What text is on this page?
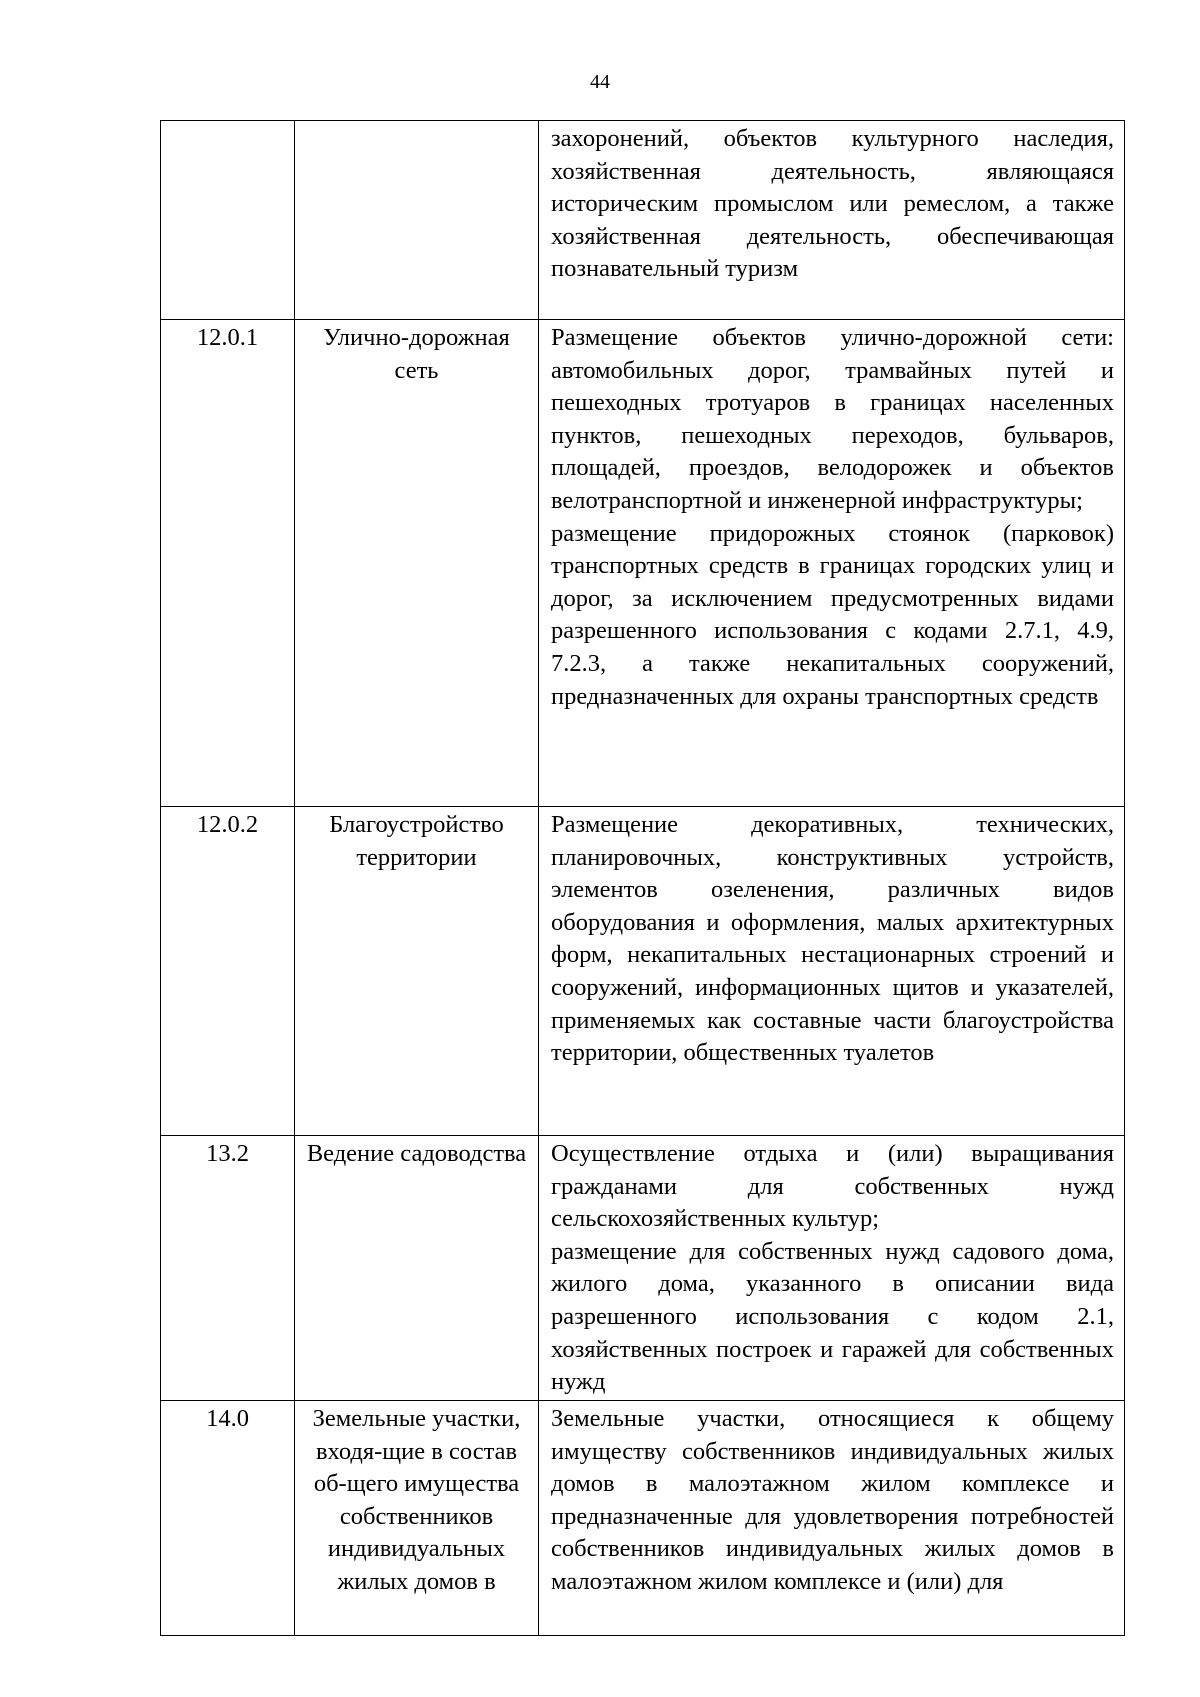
44

		захоронений, объектов культурного наследия, хозяйственная деятельность, являющаяся историческим промыслом или ремеслом, а также хозяйственная деятельность, обеспечивающая познавательный туризм

12.0.1	Улично-дорожная сеть	Размещение объектов улично-дорожной сети: автомобильных дорог, трамвайных путей и пешеходных тротуаров в границах населенных пунктов, пешеходных переходов, бульваров, площадей, проездов, велодорожек и объектов велотранспортной и инженерной инфраструктуры;
размещение придорожных стоянок (парковок) транспортных средств в границах городских улиц и дорог, за исключением предусмотренных видами разрешенного использования с кодами 2.7.1, 4.9, 7.2.3, а также некапитальных сооружений, предназначенных для охраны транспортных средств

12.0.2	Благоустройство территории	Размещение декоративных, технических, планировочных, конструктивных устройств, элементов озеленения, различных видов оборудования и оформления, малых архитектурных форм, некапитальных нестационарных строений и сооружений, информационных щитов и указателей, применяемых как составные части благоустройства территории, общественных туалетов

13.2	Ведение садоводства	Осуществление отдыха и (или) выращивания гражданами для собственных нужд сельскохозяйственных культур;
размещение для собственных нужд садового дома, жилого дома, указанного в описании вида разрешенного использования с кодом 2.1, хозяйственных построек и гаражей для собственных нужд

14.0	Земельные участки, входя-щие в состав об-щего имущества собственников индивидуальных жилых домов в	Земельные участки, относящиеся к общему имуществу собственников индивидуальных жилых домов в малоэтажном жилом комплексе и предназначенные для удовлетворения потребностей собственников индивидуальных жилых домов в малоэтажном жилом комплексе и (или) для
